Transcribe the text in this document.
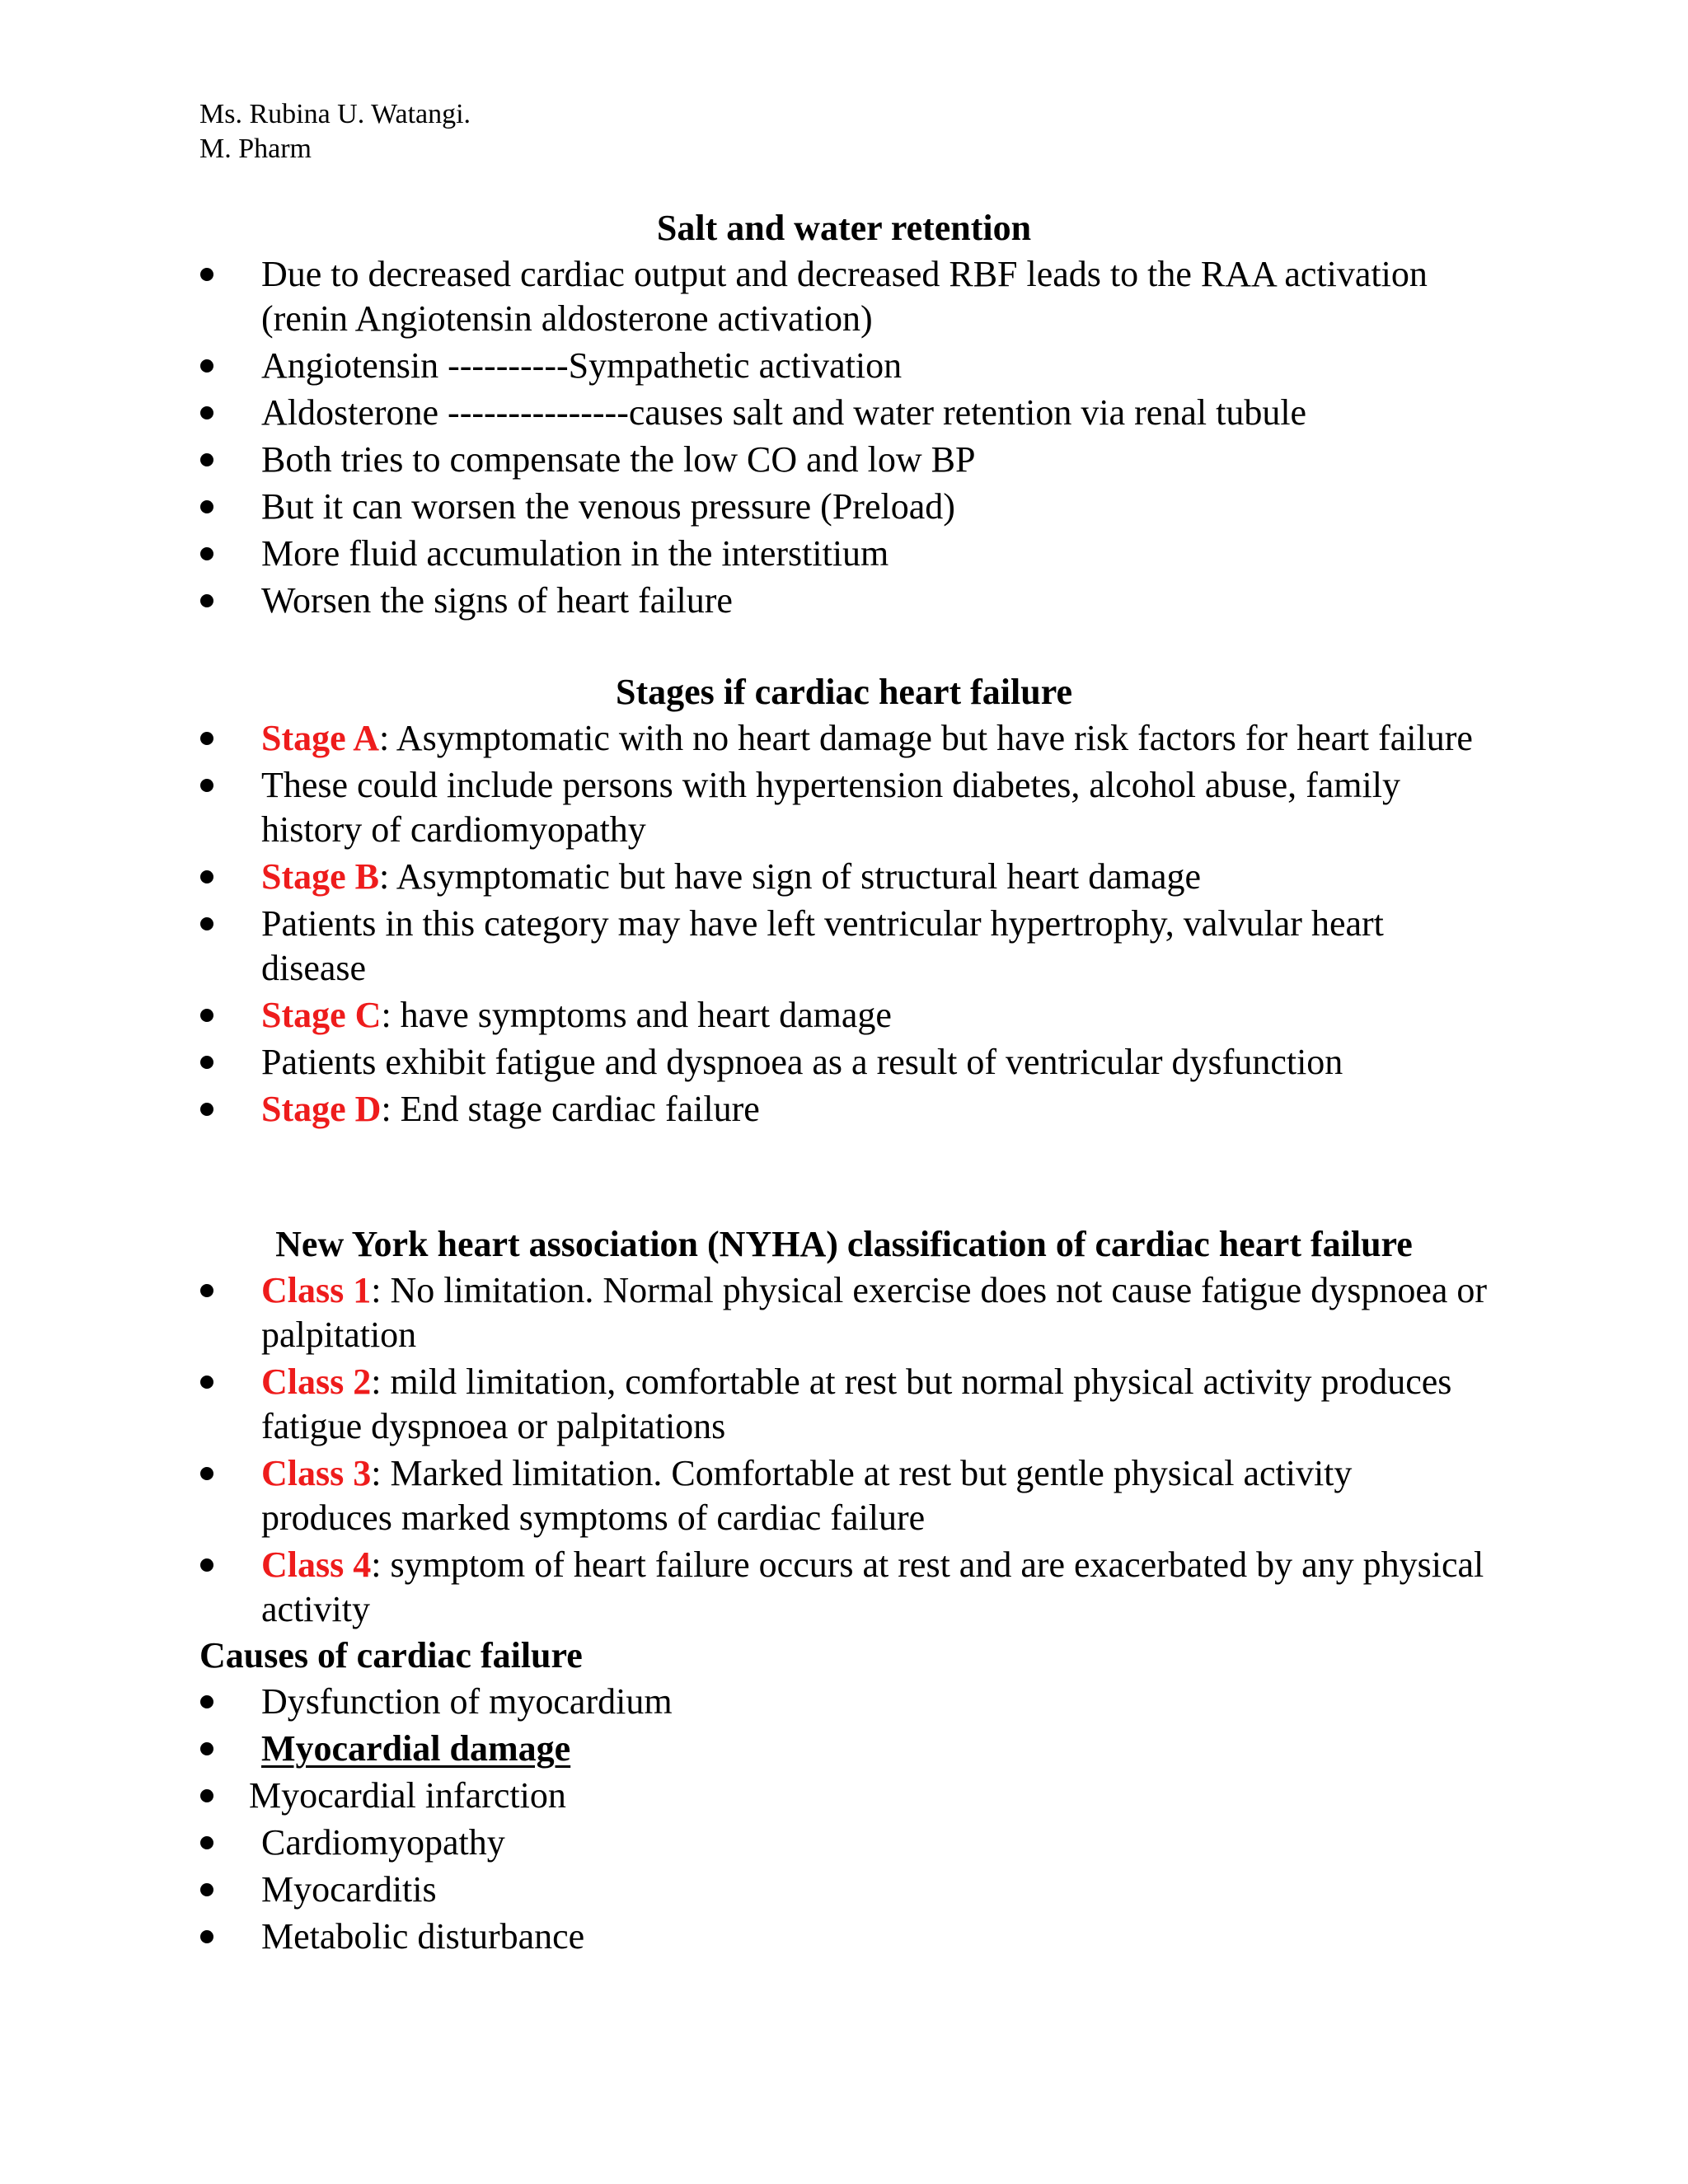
Ms. Rubina U. Watangi.
M. Pharm
Salt and water retention
Due to decreased cardiac output and decreased RBF leads to the RAA activation (renin Angiotensin aldosterone activation)
Angiotensin ----------Sympathetic activation
Aldosterone ---------------causes salt and water retention via renal tubule
Both tries to compensate the low CO and low BP
But it can worsen the venous pressure (Preload)
More fluid accumulation in the interstitium
Worsen the signs of heart failure
Stages if cardiac heart failure
Stage A: Asymptomatic with no heart damage but have risk factors for heart failure
These could include persons with hypertension diabetes, alcohol abuse, family history of cardiomyopathy
Stage B: Asymptomatic but have sign of structural heart damage
Patients in this category may have left ventricular hypertrophy, valvular heart disease
Stage C: have symptoms and heart damage
Patients exhibit fatigue and dyspnoea as a result of ventricular dysfunction
Stage D: End stage cardiac failure
New York heart association (NYHA) classification of cardiac heart failure
Class 1: No limitation. Normal physical exercise does not cause fatigue dyspnoea or palpitation
Class 2: mild limitation, comfortable at rest but normal physical activity produces fatigue dyspnoea or palpitations
Class 3: Marked limitation. Comfortable at rest but gentle physical activity produces marked symptoms of cardiac failure
Class 4: symptom of heart failure occurs at rest and are exacerbated by any physical activity
Causes of cardiac failure
Dysfunction of myocardium
Myocardial damage
Myocardial infarction
Cardiomyopathy
Myocarditis
Metabolic disturbance
